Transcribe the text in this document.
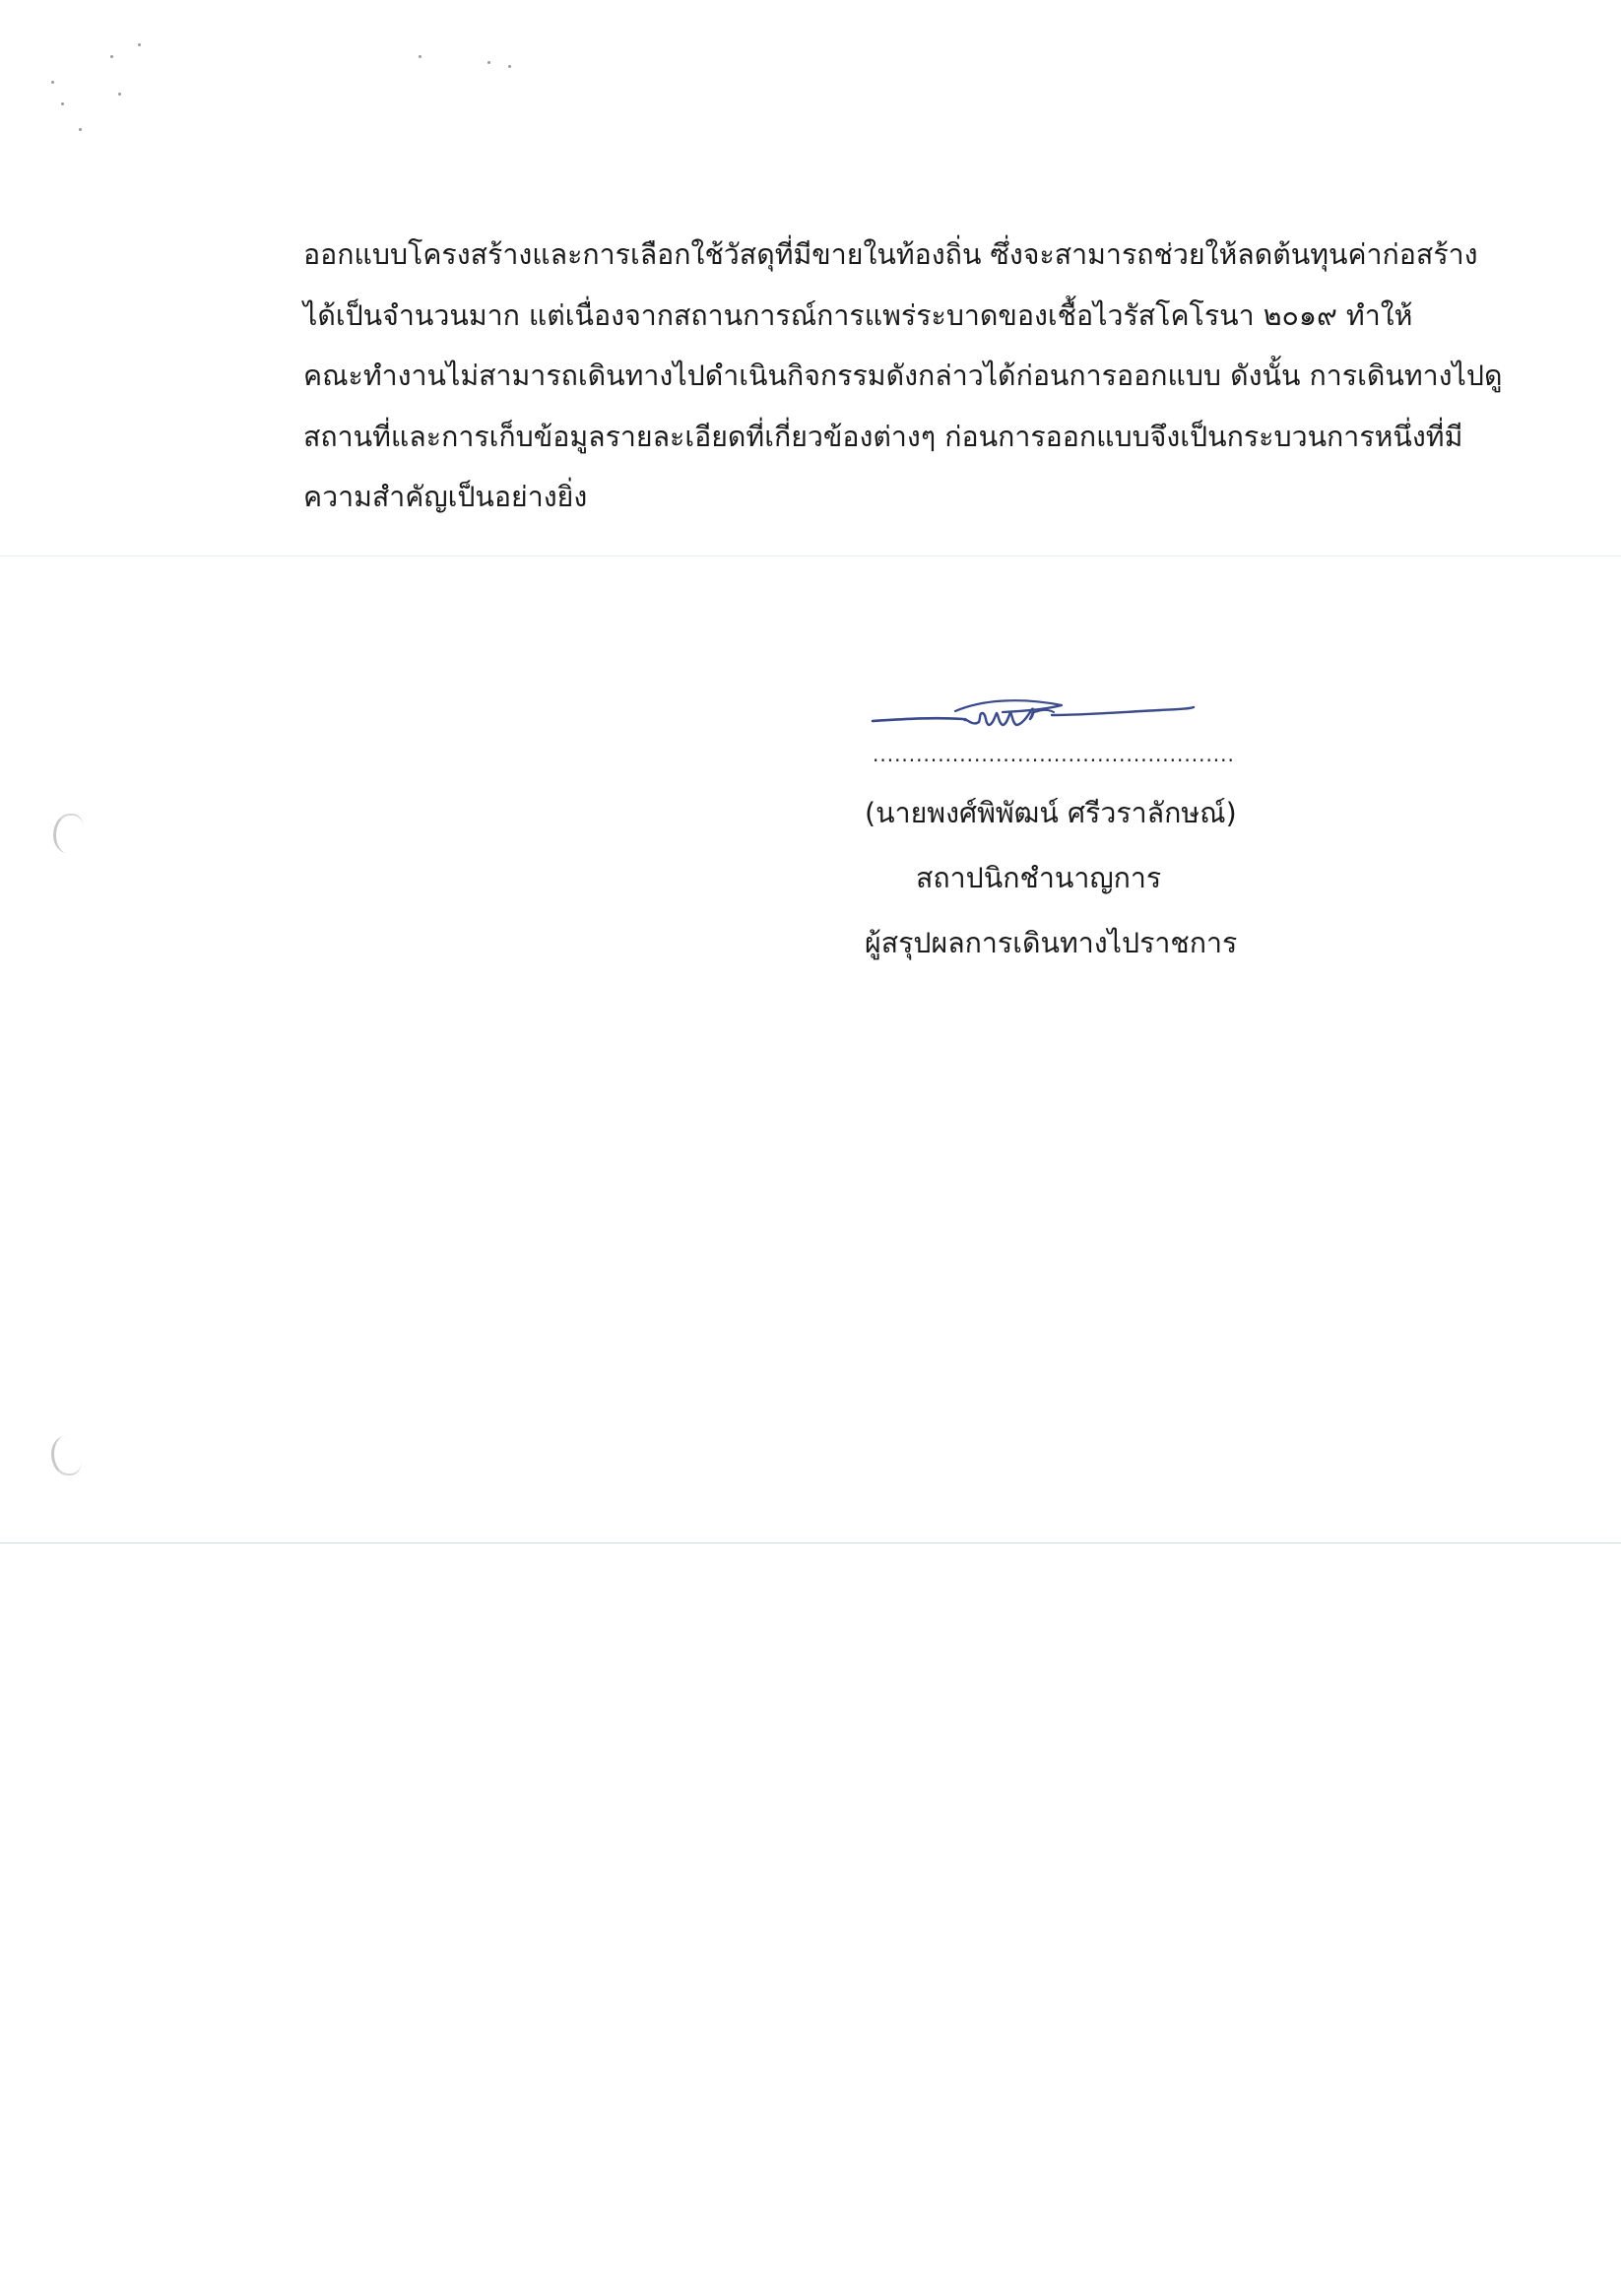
ออกแบบโครงสร้างและการเลือกใช้วัสดุที่มีขายในท้องถิ่น ซึ่งจะสามารถช่วยให้ลดต้นทุนค่าก่อสร้าง
ได้เป็นจำนวนมาก แต่เนื่องจากสถานการณ์การแพร่ระบาดของเชื้อไวรัสโคโรนา ๒๐๑๙ ทำให้
คณะทำงานไม่สามารถเดินทางไปดำเนินกิจกรรมดังกล่าวได้ก่อนการออกแบบ ดังนั้น การเดินทางไปดู
สถานที่และการเก็บข้อมูลรายละเอียดที่เกี่ยวข้องต่างๆ ก่อนการออกแบบจึงเป็นกระบวนการหนึ่งที่มี
ความสำคัญเป็นอย่างยิ่ง
..................................................
(นายพงศ์พิพัฒน์ ศรีวราลักษณ์)
สถาปนิกชำนาญการ
ผู้สรุปผลการเดินทางไปราชการ
